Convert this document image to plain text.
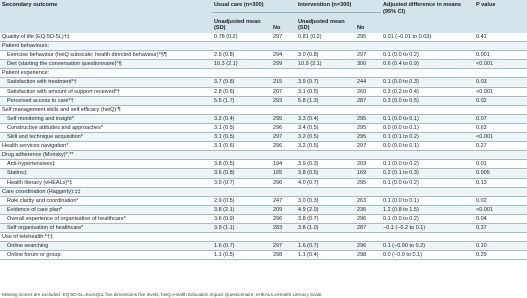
Secondary outcome	Usual care (n=300)		Intervention (n=300)		Adjusted difference in means (95% CI)	P value
	Unadjusted mean (SD)	No	Unadjusted mean (SD)	No		
Quality of life (EQ-5D-5L)†‡	0.78 (0.2)	297	0.81 (0.2)	295	0.01 (−0.01 to 0.03)	0.41
Patient behaviours:						
Exercise behaviour (heiQ subscale: health directed behaviour)*§¶	2.9 (0.8)	294	3.0 (0.8)	297	0.1 (0.0 to 0.2)	0.001
Diet (starting the conversation questionnaire)*§	10.3 (2.1)	299	10.9 (2.1)	300	0.6 (0.4 to 0.9)	<0.001
Patient experience:						
Satisfaction with treatment*†	3.7 (0.8)	215	3.9 (0.7)	244	0.1 (0.0 to 0.3)	0.03
Satisfaction with amount of support received*†	2.8 (0.6)	207	3.1 (0.5)	260	0.3 (0.2 to 0.4)	<0.001
Perceived access to care*†	5.5 (1.7)	293	5.8 (1.3)	287	0.3 (0.0 to 0.5)	0.02
Self management skills and self efficacy (heiQ):¶						
Self monitoring and insight*	3.2 (0.4)	295	3.3 (0.4)	295	0.1 (0.0 to 0.1)	0.07
Constructive attitudes and approaches*	3.1 (0.5)	296	3.4 (0.5)	295	0.0 (0.0 to 0.1)	0.63
Skill and technique acquisition*	3.1 (0.5)	297	3.2 (0.5)	295	0.1 (0.1 to 0.2)	<0.001
Health services navigation*	3.1 (0.6)	296	3.2 (0.5)	297	0.0 (0.0 to 0.1)	0.27
Drug adherence (Morisky)*,**						
Anti-hypertensives‡	3.8 (0.5)	194	3.9 (0.3)	203	0.1 (0.0 to 0.2)	0.01
Statins‡	3.6 (0.8)	165	3.8 (0.5)	169	0.2 (0.1 to 0.3)	0.005
Health literacy (eHEALs)*‡	3.9 (0.7)	296	4.0 (0.7)	295	0.1 (0.0 to 0.2)	0.13
Care coordination (Haggerty):‡‡						
Role clarity and coordination*	2.9 (0.5)	247	3.0 (0.3)	263	0.1 (0.0 to 0.1)	0.02
Evidence of care plan*	3.8 (2.1)	209	4.9 (2.0)	236	1.2 (0.8 to 1.5)	<0.001
Overall experience of organisation of healthcare*	3.6 (0.9)	296	3.8 (0.7)	296	0.1 (0.0 to 0.2)	0.04
Self organisation of healthcare*	3.9 (1.1)	283	3.8 (1.0)	287	−0.1 (−0.2 to 0.1)	0.37
Use of telehealth:*†‡						
Online searching	1.6 (0.7)	297	1.6 (0.7)	296	0.1 (−0.00 to 0.2)	0.10
Online forum or group	1.1 (0.5)	298	1.1 (0.4)	298	0.0 (−0.0 to 0.1)	0.29
Missing scores are excluded. EQ-5D-5L=EuroQoL five dimensions five levels; heiQ=Health Education Impact Questionnaire; eHEALs=eHealth Literacy Scale.
